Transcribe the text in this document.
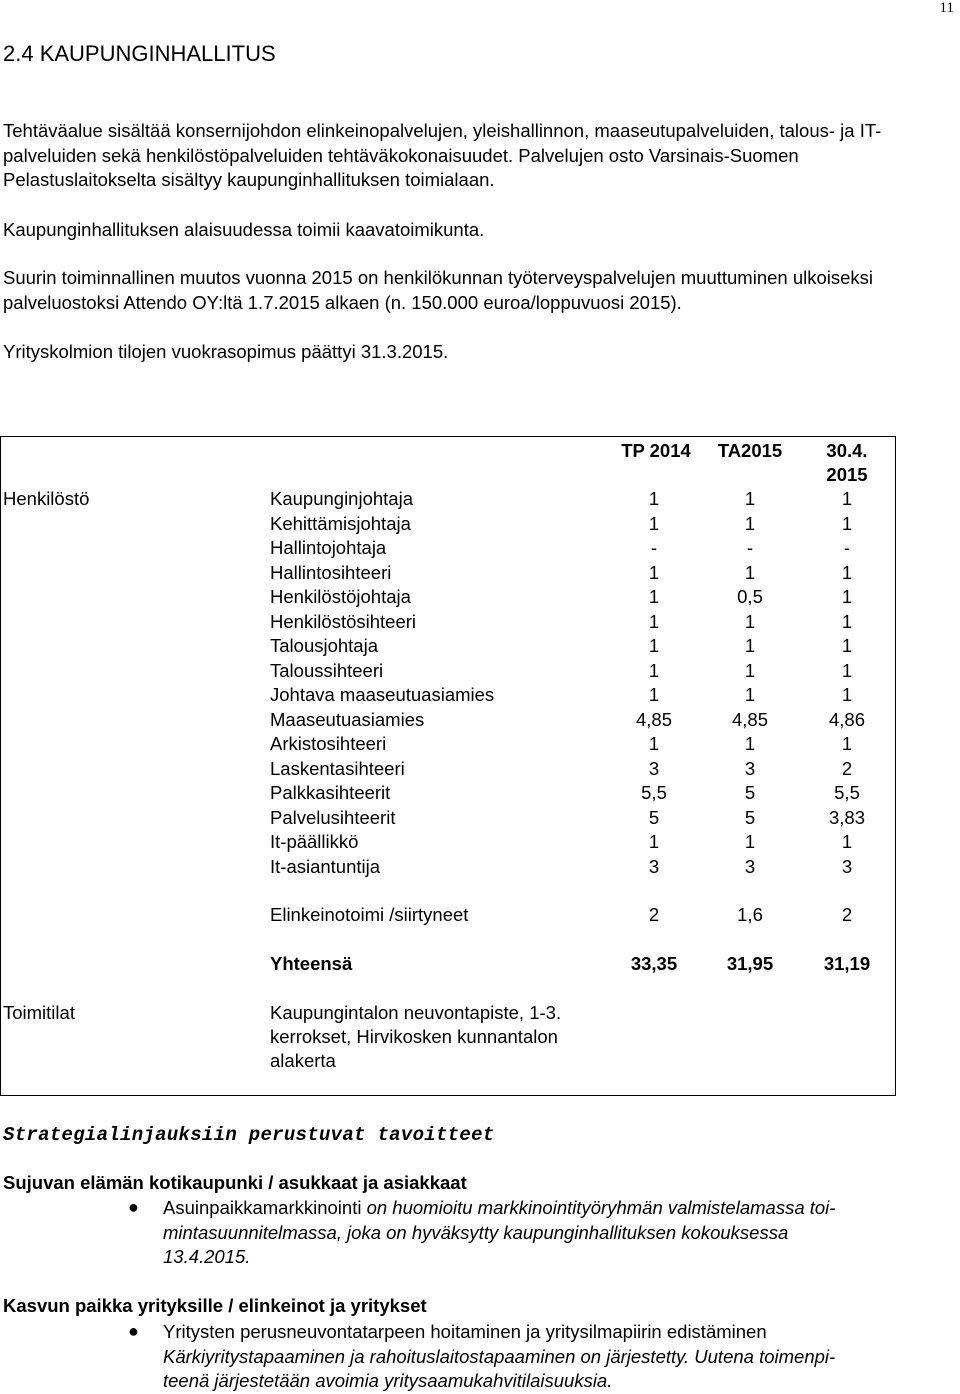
11
2.4 KAUPUNGINHALLITUS
Tehtäväalue sisältää konsernijohdon elinkeinopalvelujen, yleishallinnon, maaseutupalveluiden, talous- ja IT-palveluiden sekä henkilöstöpalveluiden tehtäväkokonaisuudet. Palvelujen osto Varsinais-Suomen Pelastuslaitokselta sisältyy kaupunginhallituksen toimialaan.
Kaupunginhallituksen alaisuudessa toimii kaavatoimikunta.
Suurin toiminnallinen muutos vuonna 2015 on henkilökunnan työterveyspalvelujen muuttuminen ulkoiseksi palveluostoksi Attendo OY:ltä 1.7.2015 alkaen (n. 150.000 euroa/loppuvuosi 2015).
Yrityskolmion tilojen vuokrasopimus päättyi 31.3.2015.
TP 2014	TA2015	30.4.
2015
Henkilöstö	Kaupunginjohtaja	1	1	1
Kehittämisjohtaja	1	1	1
Hallintojohtaja	-	-	-
Hallintosihteeri	1	1	1
Henkilöstöjohtaja	1	0,5	1
Henkilöstösihteeri	1	1	1
Talousjohtaja	1	1	1
Taloussihteeri	1	1	1
Johtava maaseutuasiamies	1	1	1
Maaseutuasiamies	4,85	4,85	4,86
Arkistosihteeri	1	1	1
Laskentasihteeri	3	3	2
Palkkasihteerit	5,5	5	5,5
Palvelusihteerit	5	5	3,83
It-päällikkö	1	1	1
It-asiantuntija	3	3	3
Elinkeinotoimi /siirtyneet	2	1,6	2
Yhteensä	33,35	31,95	31,19
Toimitilat	Kaupungintalon neuvontapiste, 1-3.
kerrokset, Hirvikosken kunnantalon
alakerta
Strategialinjauksiin perustuvat tavoitteet
Sujuvan elämän kotikaupunki / asukkaat ja asiakkaat
● Asuinpaikkamarkkinointi on huomioitu markkinointityöryhmän valmistelamassa toi-
mintasuunnitelmassa, joka on hyväksytty kaupunginhallituksen kokouksessa
13.4.2015.
Kasvun paikka yrityksille / elinkeinot ja yritykset
● Yritysten perusneuvontatarpeen hoitaminen ja yritysilmapiirin edistäminen
Kärkiyritystapaaminen ja rahoituslaitostapaaminen on järjestetty. Uutena toimenpi-
teenä järjestetään avoimia yritysaamukahvitilaisuuksia.
